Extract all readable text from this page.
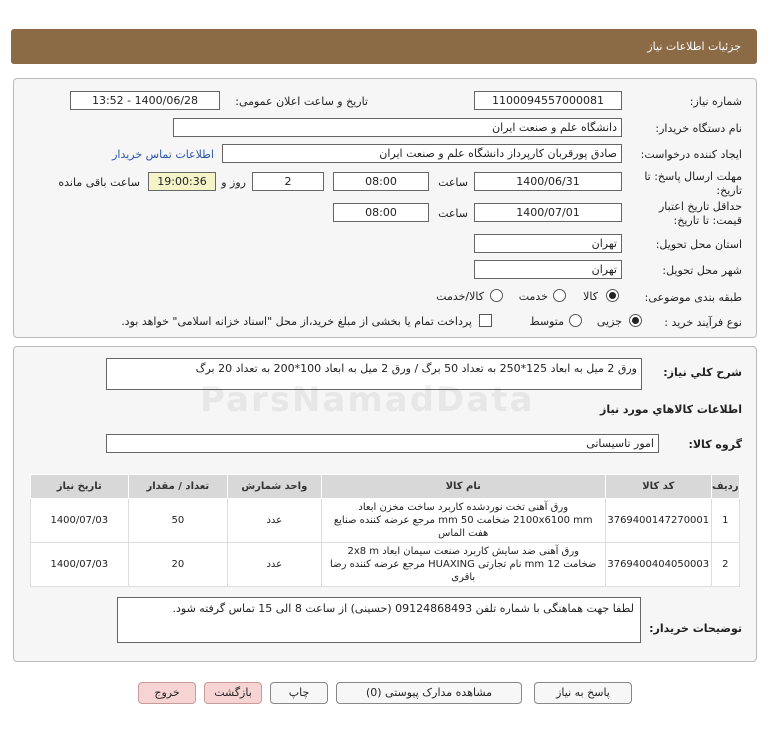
جزئیات اطلاعات نیاز
شماره نیاز:
1100094557000081
تاریخ و ساعت اعلان عمومی:
1400/06/28 - 13:52
نام دستگاه خریدار:
دانشگاه علم و صنعت ایران
ایجاد کننده درخواست:
صادق پورقربان کارپرداز دانشگاه علم و صنعت ایران
اطلاعات تماس خریدار
مهلت ارسال پاسخ: تا
تاریخ:
1400/06/31
ساعت
08:00
2
روز و
19:00:36
ساعت باقی مانده
حداقل تاریخ اعتبار
قیمت: تا تاریخ:
1400/07/01
ساعت
08:00
استان محل تحویل:
تهران
شهر محل تحویل:
تهران
طبقه بندی موضوعی:
کالا
خدمت
کالا/خدمت
نوع فرآیند خرید :
جزیی
متوسط
پرداخت تمام یا بخشی از مبلغ خرید،از محل "اسناد خزانه اسلامی" خواهد بود.
شرح کلي نياز:
ورق 2 میل به ابعاد 125*250 به تعداد 50 برگ / ورق 2 میل به ابعاد 100*200 به تعداد 20 برگ
ParsNamadData	اطلاعات کالاهاي مورد نياز
گروه کالا:
امور تاسیساتی
ردیف	کد کالا	نام کالا	واحد شمارش	تعداد / مقدار	تاریخ نیاز
1	3769400147270001	ورق آهنی تخت نوردشده کاربرد ساخت مخزن ابعاد 2100x6100 mm ضخامت 50 mm مرجع عرضه کننده صنایع هفت الماس	عدد	50	1400/07/03
2	3769400404050003	ورق آهنی ضد سایش کاربرد صنعت سیمان ابعاد 2x8 m ضخامت 12 mm نام تجارتی HUAXING مرجع عرضه کننده رضا باقری	عدد	20	1400/07/03
توضیحات خریدار:
لطفا جهت هماهنگی با شماره تلفن 09124868493 (حسینی) از ساعت 8 الی 15 تماس گرفته شود.
پاسخ به نیاز
مشاهده مدارک پیوستی (0)
چاپ
بازگشت
خروج
